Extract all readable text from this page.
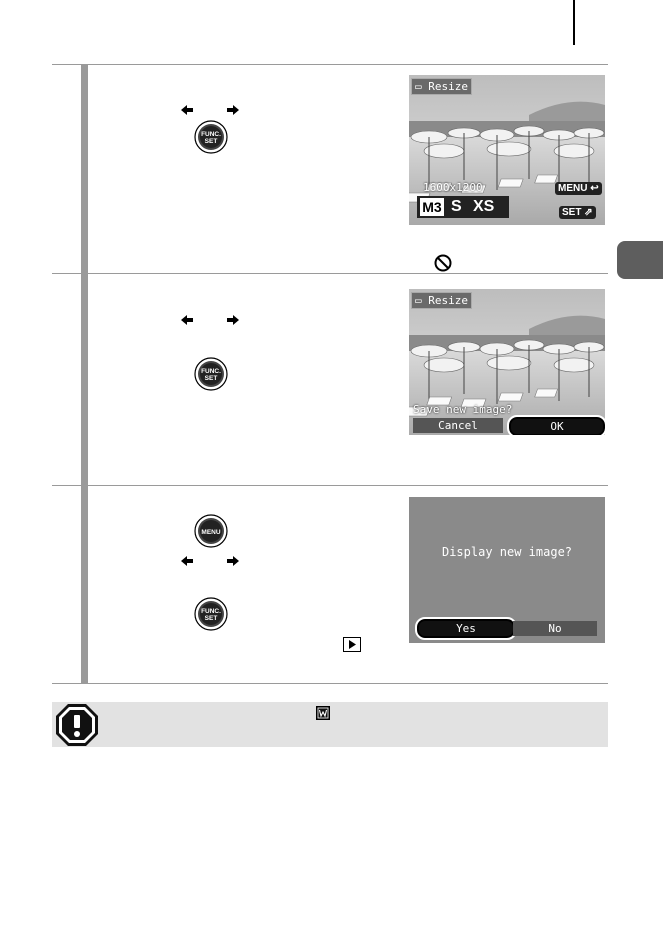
▭ Resize
1600x1200
M3 S XS
MENU ↩
SET ⇗
▭ Resize
Save new image?
Cancel	OK
Display new image?
Yes	No
